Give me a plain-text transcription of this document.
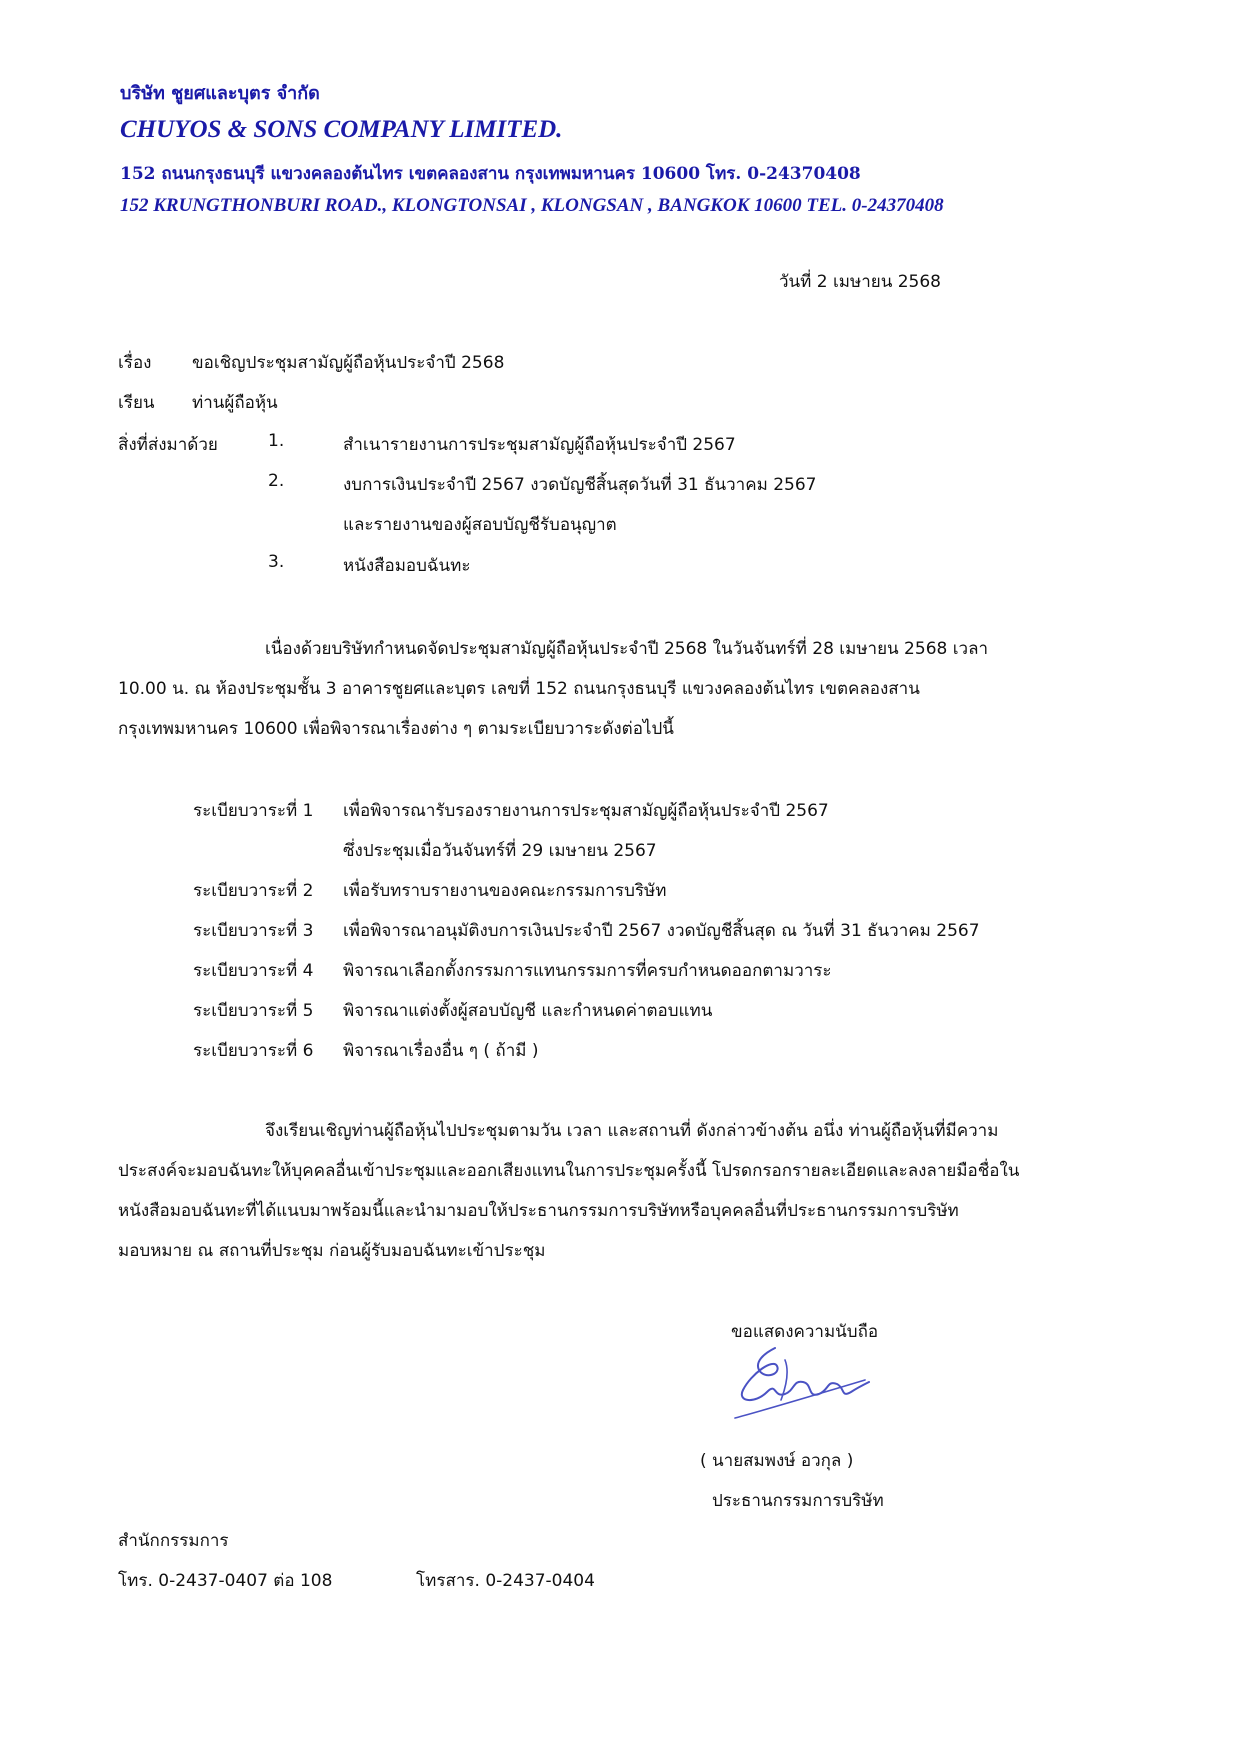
บริษัท ชูยศและบุตร จำกัด
CHUYOS & SONS COMPANY LIMITED.
152 ถนนกรุงธนบุรี แขวงคลองต้นไทร เขตคลองสาน กรุงเทพมหานคร 10600 โทร. 0-24370408
152 KRUNGTHONBURI ROAD., KLONGTONSAI , KLONGSAN , BANGKOK 10600 TEL. 0-24370408
วันที่ 2 เมษายน 2568
เรื่อง ขอเชิญประชุมสามัญผู้ถือหุ้นประจำปี 2568
เรียน ท่านผู้ถือหุ้น
สิ่งที่ส่งมาด้วย	1.	สำเนารายงานการประชุมสามัญผู้ถือหุ้นประจำปี 2567
2.	งบการเงินประจำปี 2567 งวดบัญชีสิ้นสุดวันที่ 31 ธันวาคม 2567
และรายงานของผู้สอบบัญชีรับอนุญาต
3.	หนังสือมอบฉันทะ
เนื่องด้วยบริษัทกำหนดจัดประชุมสามัญผู้ถือหุ้นประจำปี 2568 ในวันจันทร์ที่ 28 เมษายน 2568 เวลา
10.00 น. ณ ห้องประชุมชั้น 3 อาคารชูยศและบุตร เลขที่ 152 ถนนกรุงธนบุรี แขวงคลองต้นไทร เขตคลองสาน
กรุงเทพมหานคร 10600 เพื่อพิจารณาเรื่องต่าง ๆ ตามระเบียบวาระดังต่อไปนี้
ระเบียบวาระที่ 1 เพื่อพิจารณารับรองรายงานการประชุมสามัญผู้ถือหุ้นประจำปี 2567
ซึ่งประชุมเมื่อวันจันทร์ที่ 29 เมษายน 2567
ระเบียบวาระที่ 2 เพื่อรับทราบรายงานของคณะกรรมการบริษัท
ระเบียบวาระที่ 3 เพื่อพิจารณาอนุมัติงบการเงินประจำปี 2567 งวดบัญชีสิ้นสุด ณ วันที่ 31 ธันวาคม 2567
ระเบียบวาระที่ 4 พิจารณาเลือกตั้งกรรมการแทนกรรมการที่ครบกำหนดออกตามวาระ
ระเบียบวาระที่ 5 พิจารณาแต่งตั้งผู้สอบบัญชี และกำหนดค่าตอบแทน
ระเบียบวาระที่ 6 พิจารณาเรื่องอื่น ๆ ( ถ้ามี )
จึงเรียนเชิญท่านผู้ถือหุ้นไปประชุมตามวัน เวลา และสถานที่ ดังกล่าวข้างต้น อนึ่ง ท่านผู้ถือหุ้นที่มีความ
ประสงค์จะมอบฉันทะให้บุคคลอื่นเข้าประชุมและออกเสียงแทนในการประชุมครั้งนี้ โปรดกรอกรายละเอียดและลงลายมือชื่อใน
หนังสือมอบฉันทะที่ได้แนบมาพร้อมนี้และนำมามอบให้ประธานกรรมการบริษัทหรือบุคคลอื่นที่ประธานกรรมการบริษัท
มอบหมาย ณ สถานที่ประชุม ก่อนผู้รับมอบฉันทะเข้าประชุม
ขอแสดงความนับถือ
( นายสมพงษ์ อวกุล )
ประธานกรรมการบริษัท
สำนักกรรมการ
โทร. 0-2437-0407 ต่อ 108	โทรสาร. 0-2437-0404
